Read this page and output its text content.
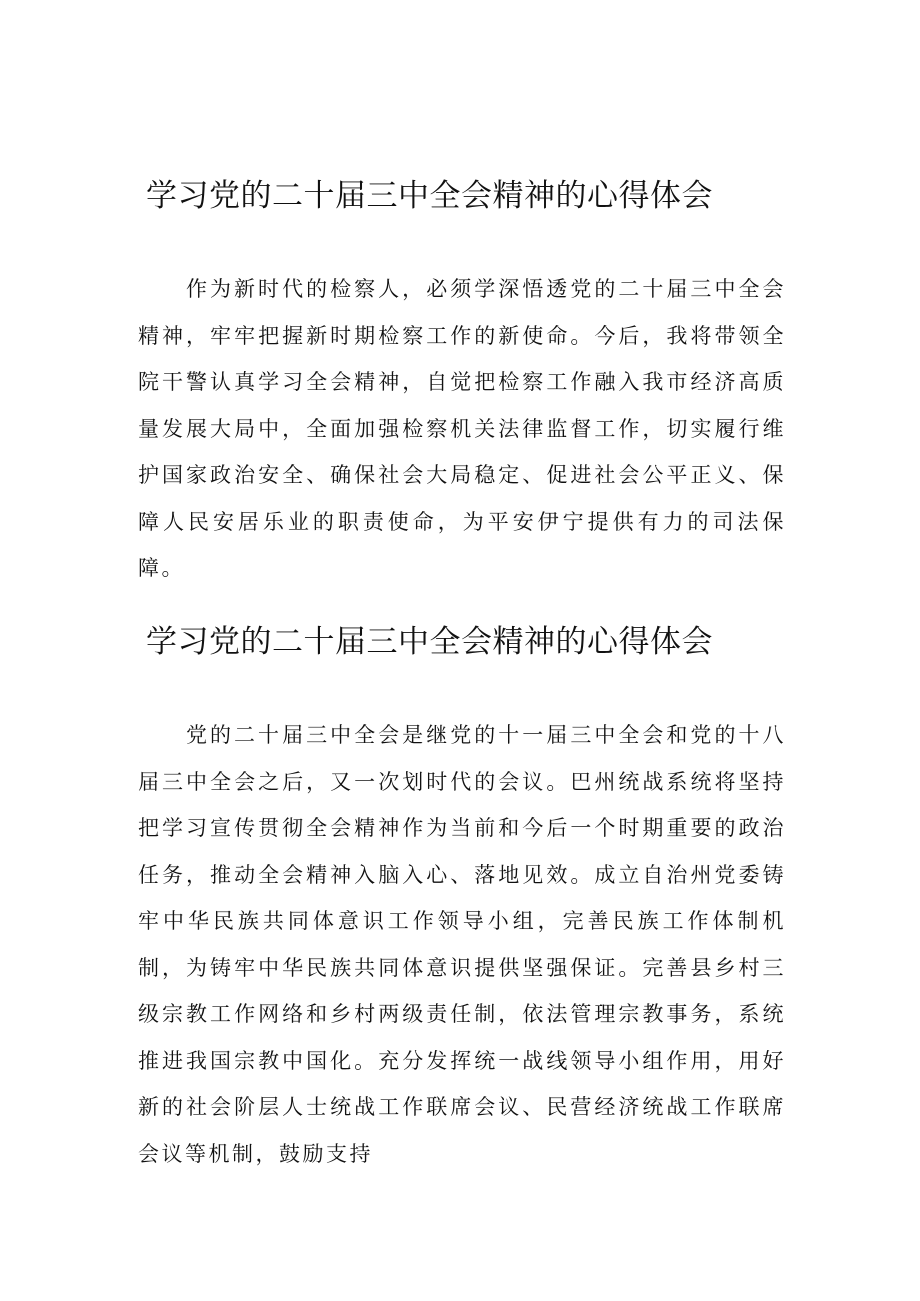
学习党的二十届三中全会精神的心得体会

作为新时代的检察人，必须学深悟透党的二十届三中全会精神，牢牢把握新时期检察工作的新使命。今后，我将带领全院干警认真学习全会精神，自觉把检察工作融入我市经济高质量发展大局中，全面加强检察机关法律监督工作，切实履行维护国家政治安全、确保社会大局稳定、促进社会公平正义、保障人民安居乐业的职责使命，为平安伊宁提供有力的司法保障。

学习党的二十届三中全会精神的心得体会

党的二十届三中全会是继党的十一届三中全会和党的十八届三中全会之后，又一次划时代的会议。巴州统战系统将坚持把学习宣传贯彻全会精神作为当前和今后一个时期重要的政治任务，推动全会精神入脑入心、落地见效。成立自治州党委铸牢中华民族共同体意识工作领导小组，完善民族工作体制机制，为铸牢中华民族共同体意识提供坚强保证。完善县乡村三级宗教工作网络和乡村两级责任制，依法管理宗教事务，系统推进我国宗教中国化。充分发挥统一战线领导小组作用，用好新的社会阶层人士统战工作联席会议、民营经济统战工作联席会议等机制，鼓励支持
